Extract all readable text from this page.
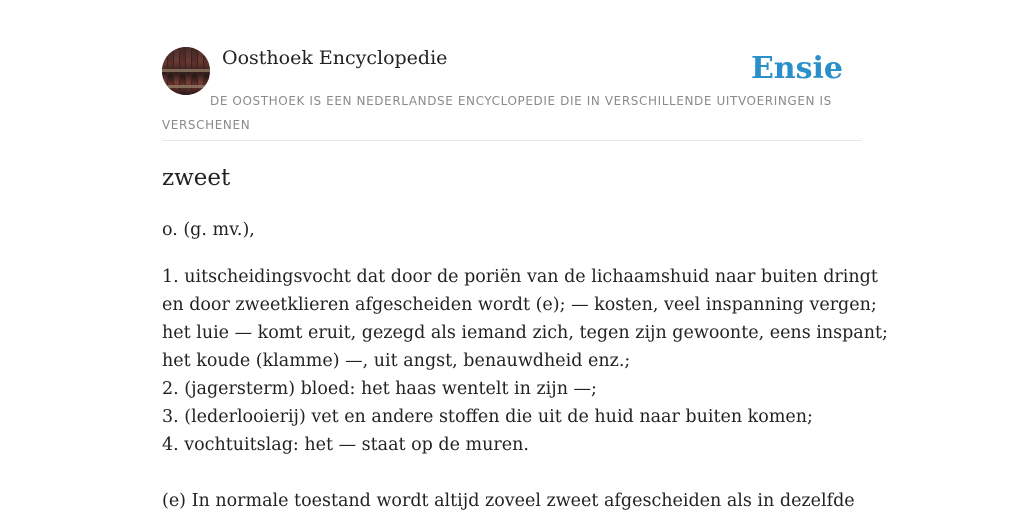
Oosthoek Encyclopedie	Ensie
DE OOSTHOEK IS EEN NEDERLANDSE ENCYCLOPEDIE DIE IN VERSCHILLENDE UITVOERINGEN IS VERSCHENEN
zweet
o. (g. mv.),
1. uitscheidingsvocht dat door de poriën van de lichaamshuid naar buiten dringt
en door zweetklieren afgescheiden wordt (e); — kosten, veel inspanning vergen;
het luie — komt eruit, gezegd als iemand zich, tegen zijn gewoonte, eens inspant;
het koude (klamme) —, uit angst, benauwdheid enz.;
2. (jagersterm) bloed: het haas wentelt in zijn —;
3. (lederlooierij) vet en andere stoffen die uit de huid naar buiten komen;
4. vochtuitslag: het — staat op de muren.
(e) In normale toestand wordt altijd zoveel zweet afgescheiden als in dezelfde
